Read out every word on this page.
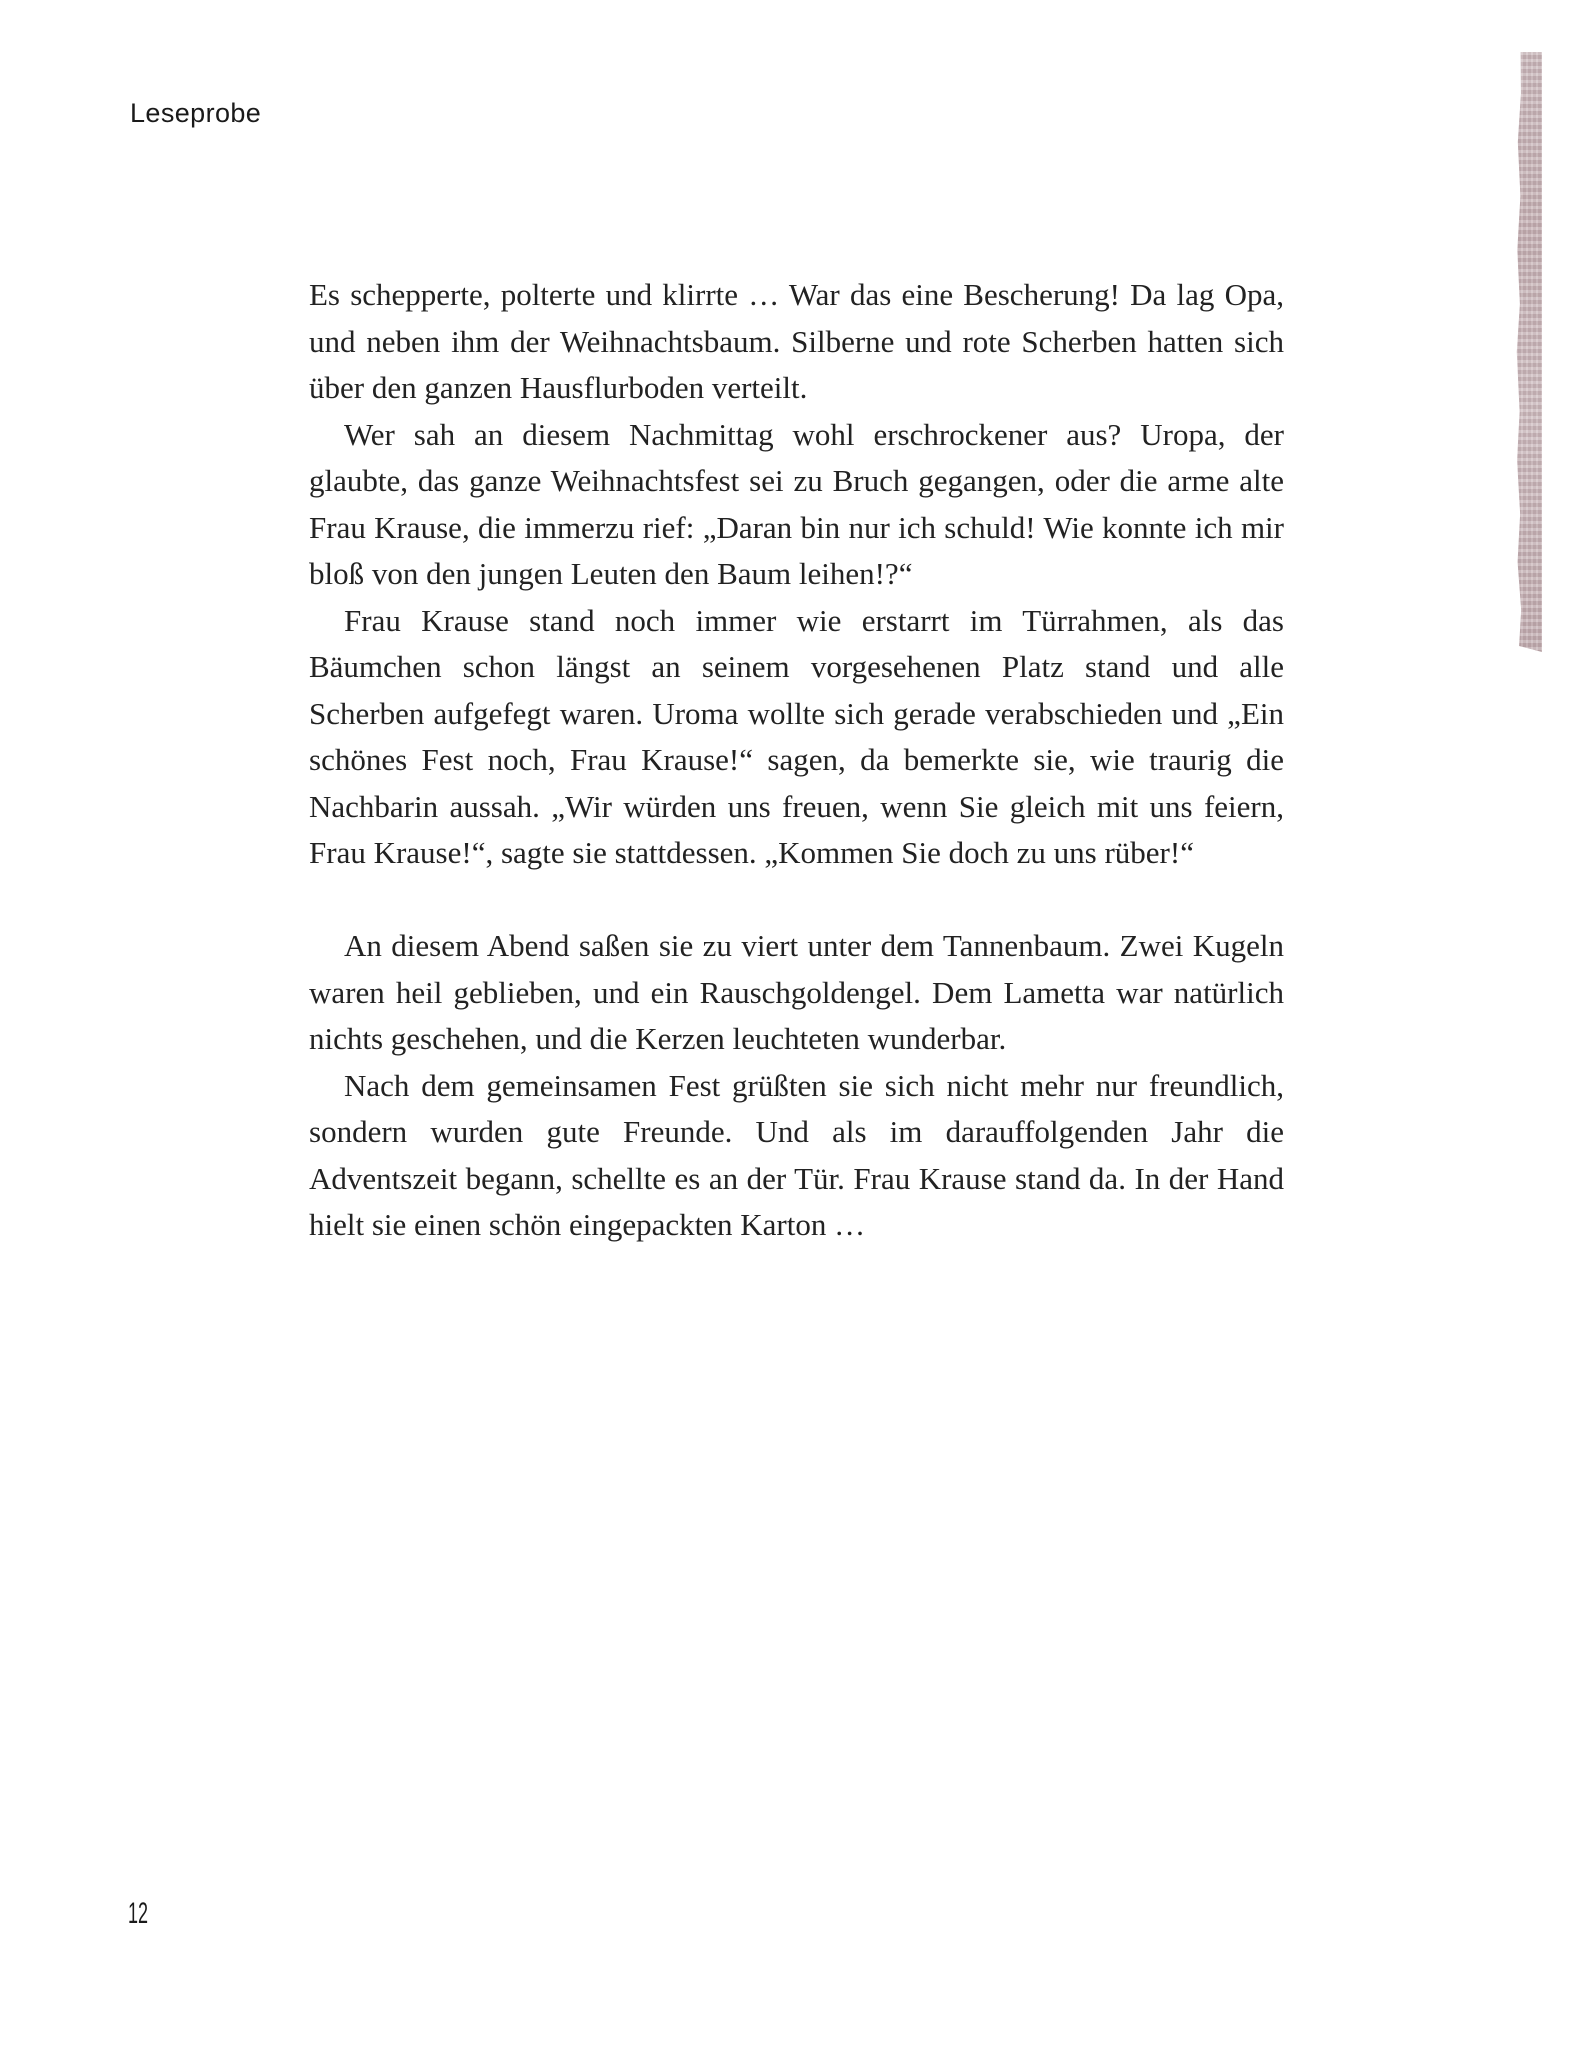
Leseprobe

Es schepperte, polterte und klirrte … War das eine Bescherung! Da lag Opa, und neben ihm der Weihnachtsbaum. Silberne und rote Scherben hatten sich über den ganzen Hausflurboden verteilt.

Wer sah an diesem Nachmittag wohl erschrockener aus? Uropa, der glaubte, das ganze Weihnachtsfest sei zu Bruch gegangen, oder die arme alte Frau Krause, die immerzu rief: „Daran bin nur ich schuld! Wie konnte ich mir bloß von den jungen Leuten den Baum leihen!?“

Frau Krause stand noch immer wie erstarrt im Türrahmen, als das Bäumchen schon längst an seinem vorgesehenen Platz stand und alle Scherben aufgefegt waren. Uroma wollte sich gerade verabschieden und „Ein schönes Fest noch, Frau Krause!“ sagen, da bemerkte sie, wie traurig die Nachbarin aussah. „Wir würden uns freuen, wenn Sie gleich mit uns feiern, Frau Krause!“, sagte sie stattdessen. „Kommen Sie doch zu uns rüber!“

An diesem Abend saßen sie zu viert unter dem Tannenbaum. Zwei Kugeln waren heil geblieben, und ein Rauschgoldengel. Dem Lametta war natürlich nichts geschehen, und die Kerzen leuchteten wunderbar.

Nach dem gemeinsamen Fest grüßten sie sich nicht mehr nur freundlich, sondern wurden gute Freunde. Und als im darauffolgenden Jahr die Adventszeit begann, schellte es an der Tür. Frau Krause stand da. In der Hand hielt sie einen schön eingepackten Karton …

12
